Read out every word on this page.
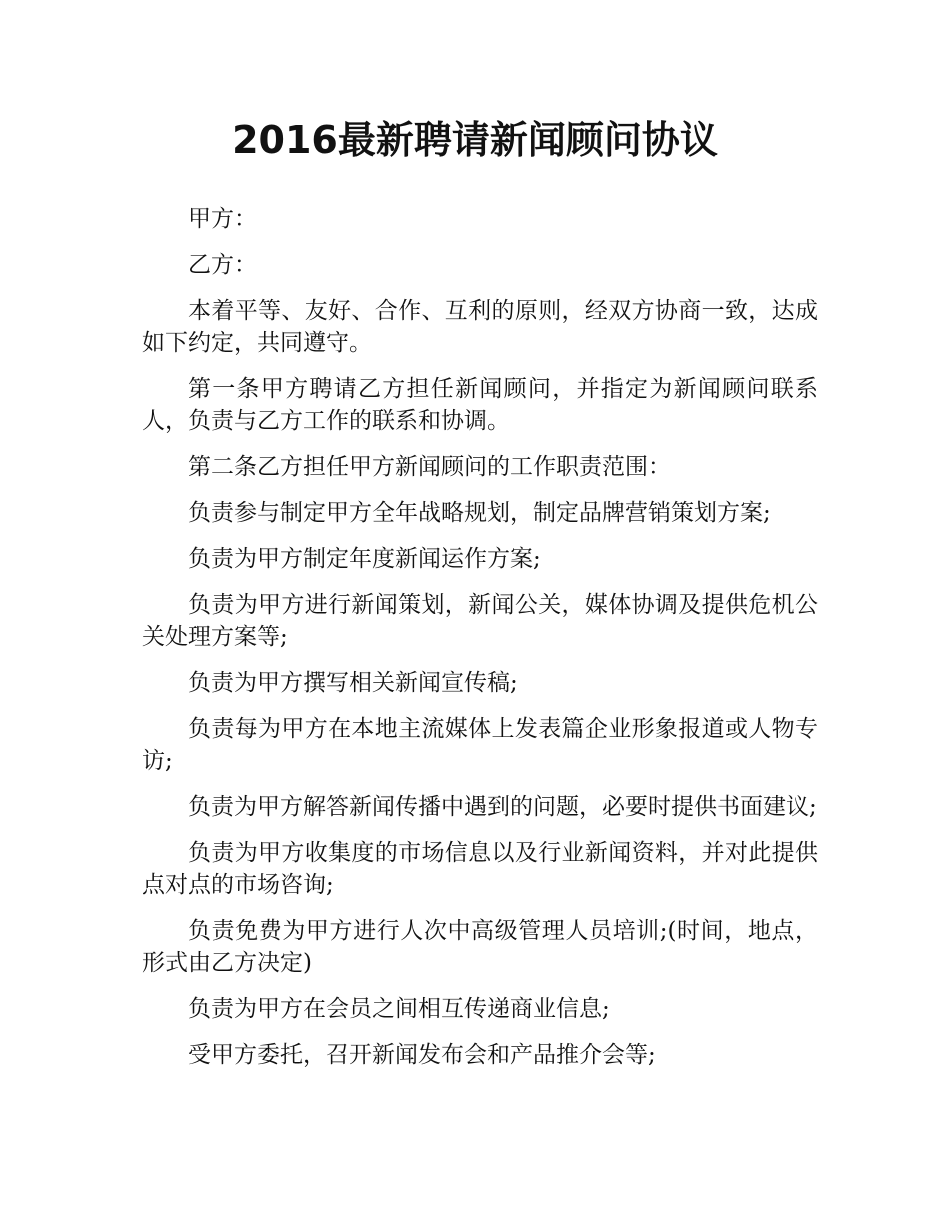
2016最新聘请新闻顾问协议

甲方：

乙方：

本着平等、友好、合作、互利的原则，经双方协商一致，达成如下约定，共同遵守。

第一条甲方聘请乙方担任新闻顾问，并指定为新闻顾问联系人，负责与乙方工作的联系和协调。

第二条乙方担任甲方新闻顾问的工作职责范围：

负责参与制定甲方全年战略规划，制定品牌营销策划方案;

负责为甲方制定年度新闻运作方案;

负责为甲方进行新闻策划，新闻公关，媒体协调及提供危机公关处理方案等;

负责为甲方撰写相关新闻宣传稿;

负责每为甲方在本地主流媒体上发表篇企业形象报道或人物专访;

负责为甲方解答新闻传播中遇到的问题，必要时提供书面建议;

负责为甲方收集度的市场信息以及行业新闻资料，并对此提供点对点的市场咨询;

负责免费为甲方进行人次中高级管理人员培训;(时间，地点，形式由乙方决定)

负责为甲方在会员之间相互传递商业信息;

受甲方委托，召开新闻发布会和产品推介会等;
